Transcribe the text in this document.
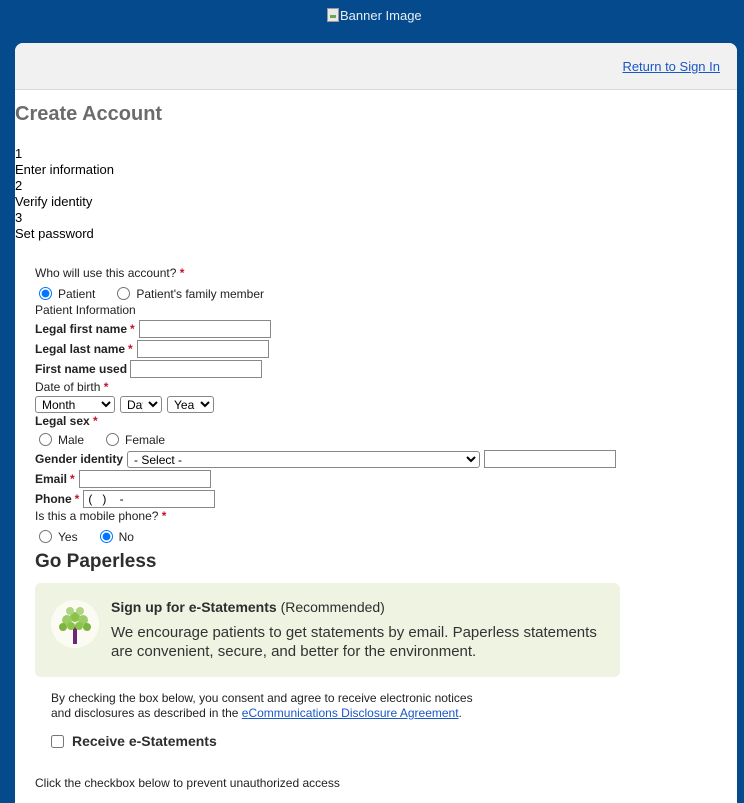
Banner Image
Return to Sign In
Create Account
1
Enter information
2
Verify identity
3
Set password
Who will use this account? *
Patient	Patient's family member
Patient Information
Legal first name *
Legal last name *
First name used
Date of birth *
Month
Day
Year
Legal sex *
Male	Female
Gender identity
- Select -
Email *
Phone *
( ) -
Is this a mobile phone? *
Yes	No
Go Paperless
Sign up for e-Statements (Recommended)
We encourage patients to get statements by email. Paperless statements are convenient, secure, and better for the environment.
By checking the box below, you consent and agree to receive electronic notices
and disclosures as described in the eCommunications Disclosure Agreement.
Receive e-Statements
Click the checkbox below to prevent unauthorized access
